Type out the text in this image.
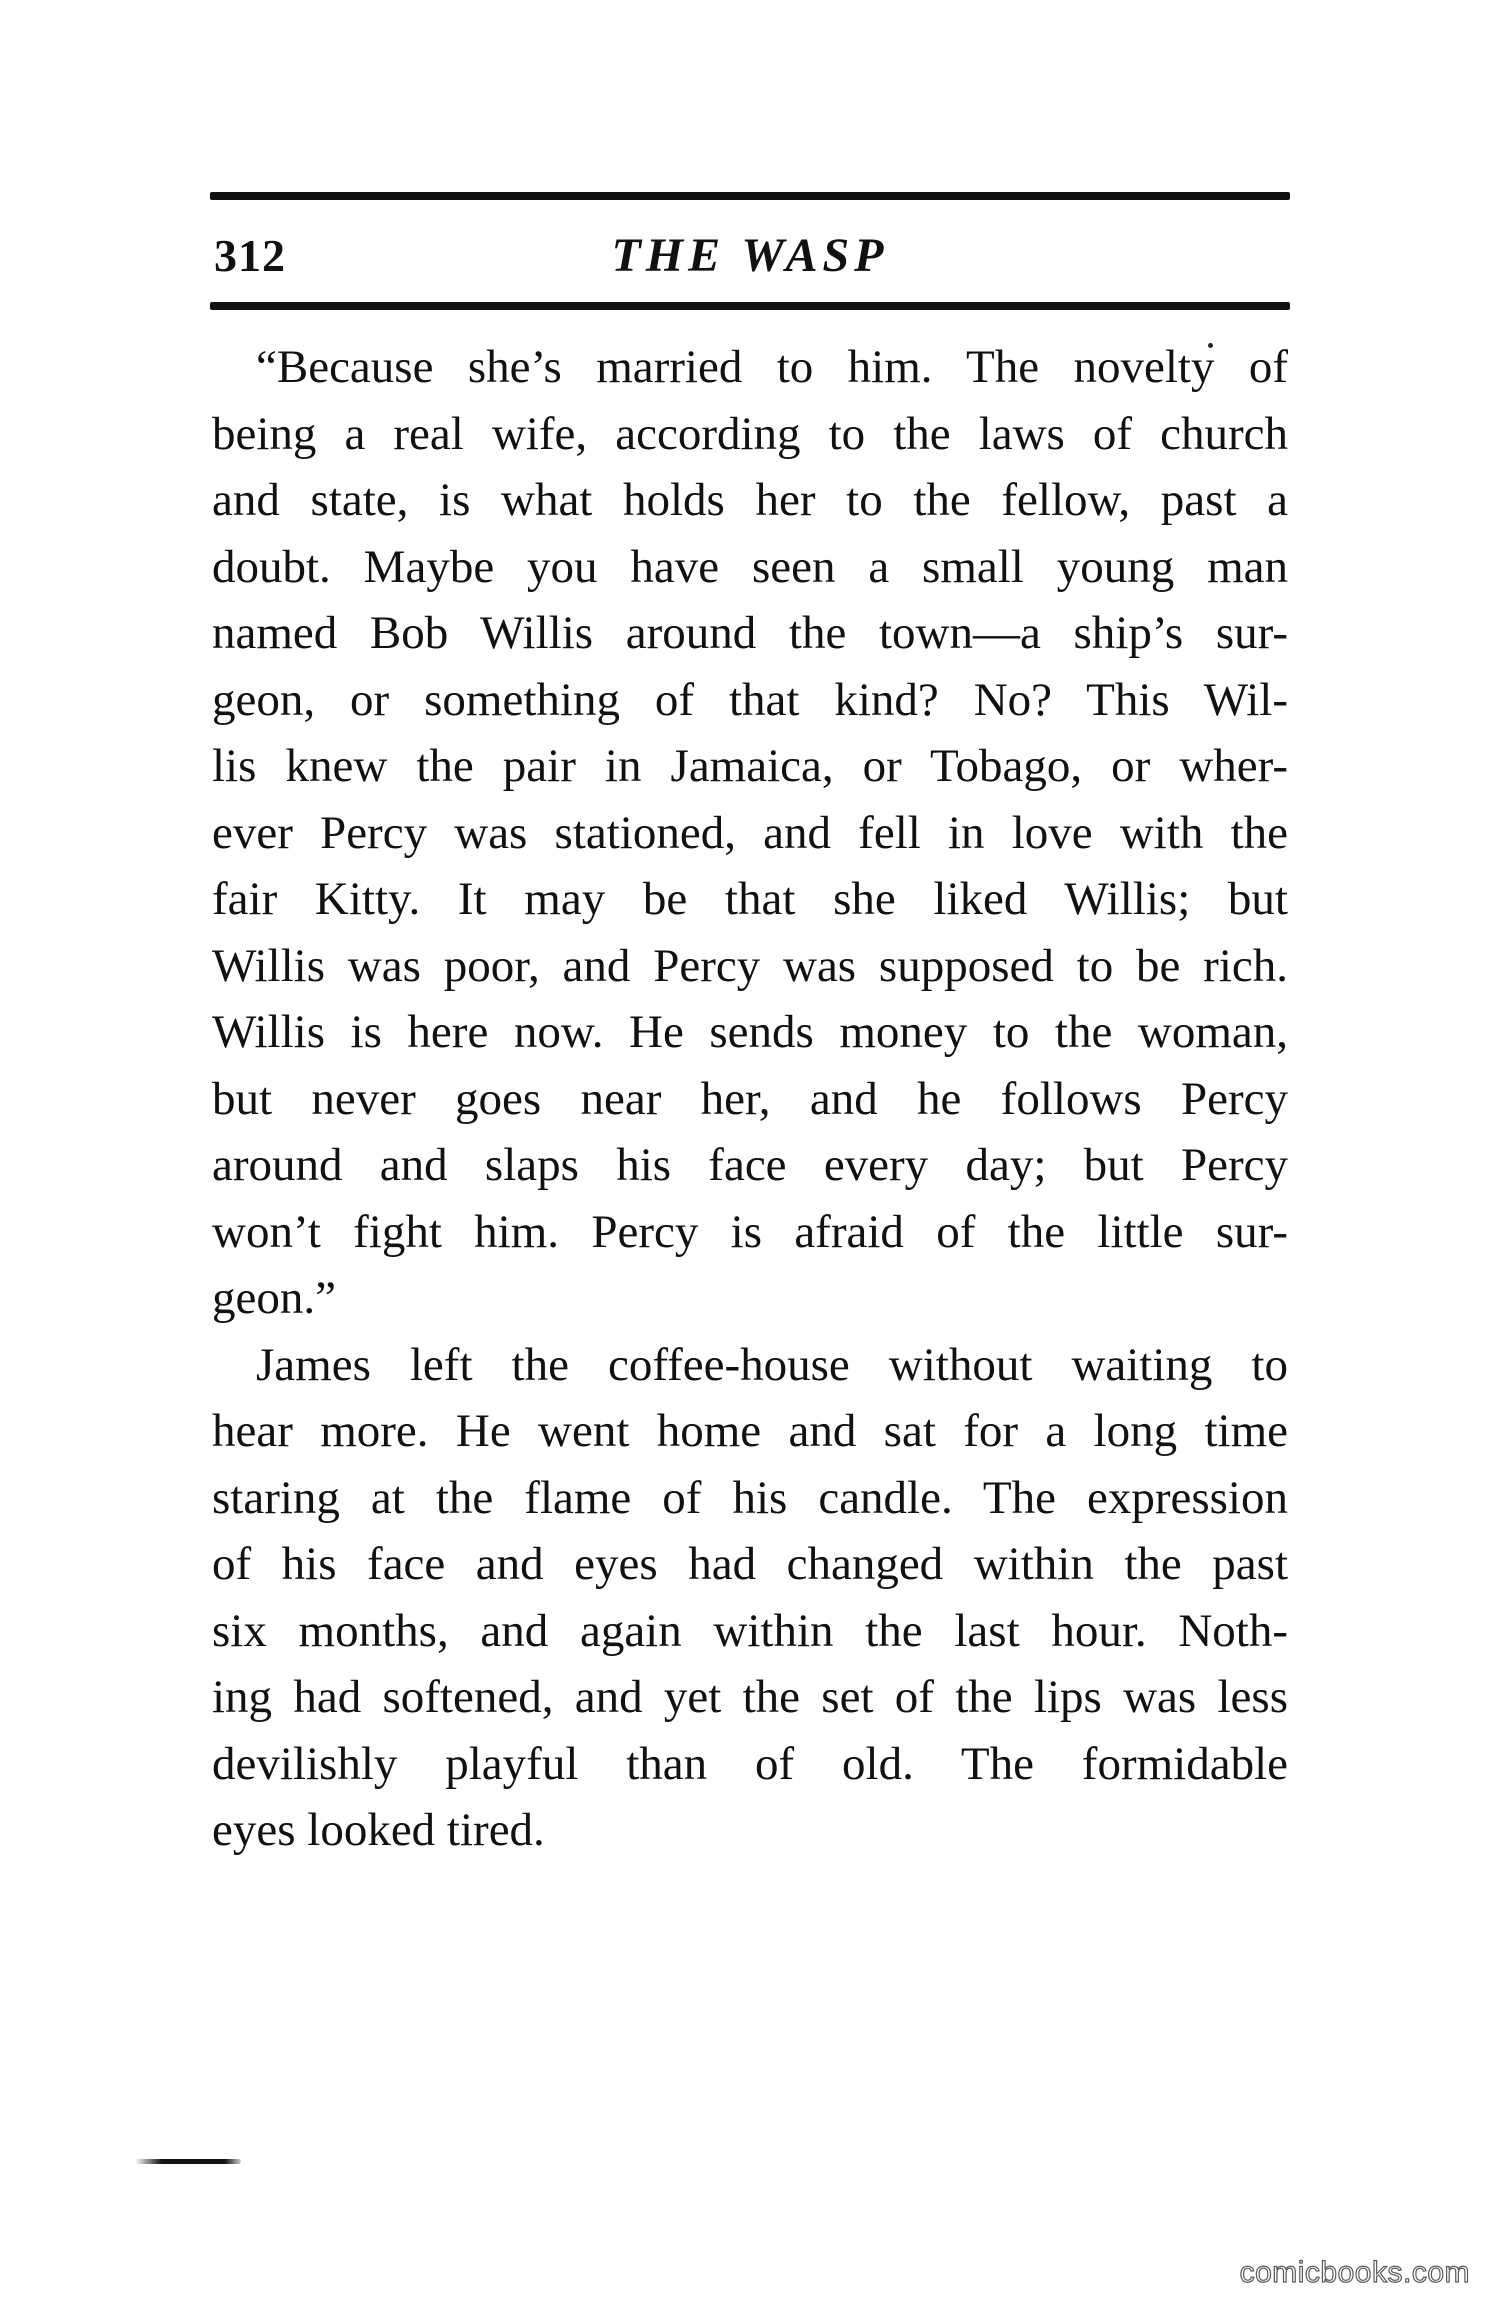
312	THE WASP
“Because she’s married to him. The novelty of
being a real wife, according to the laws of church
and state, is what holds her to the fellow, past a
doubt. Maybe you have seen a small young man
named Bob Willis around the town—a ship’s sur-
geon, or something of that kind? No? This Wil-
lis knew the pair in Jamaica, or Tobago, or wher-
ever Percy was stationed, and fell in love with the
fair Kitty. It may be that she liked Willis; but
Willis was poor, and Percy was supposed to be rich.
Willis is here now. He sends money to the woman,
but never goes near her, and he follows Percy
around and slaps his face every day; but Percy
won’t fight him. Percy is afraid of the little sur-
geon.”
James left the coffee-house without waiting to
hear more. He went home and sat for a long time
staring at the flame of his candle. The expression
of his face and eyes had changed within the past
six months, and again within the last hour. Noth-
ing had softened, and yet the set of the lips was less
devilishly playful than of old. The formidable
eyes looked tired.
comicbooks.com
